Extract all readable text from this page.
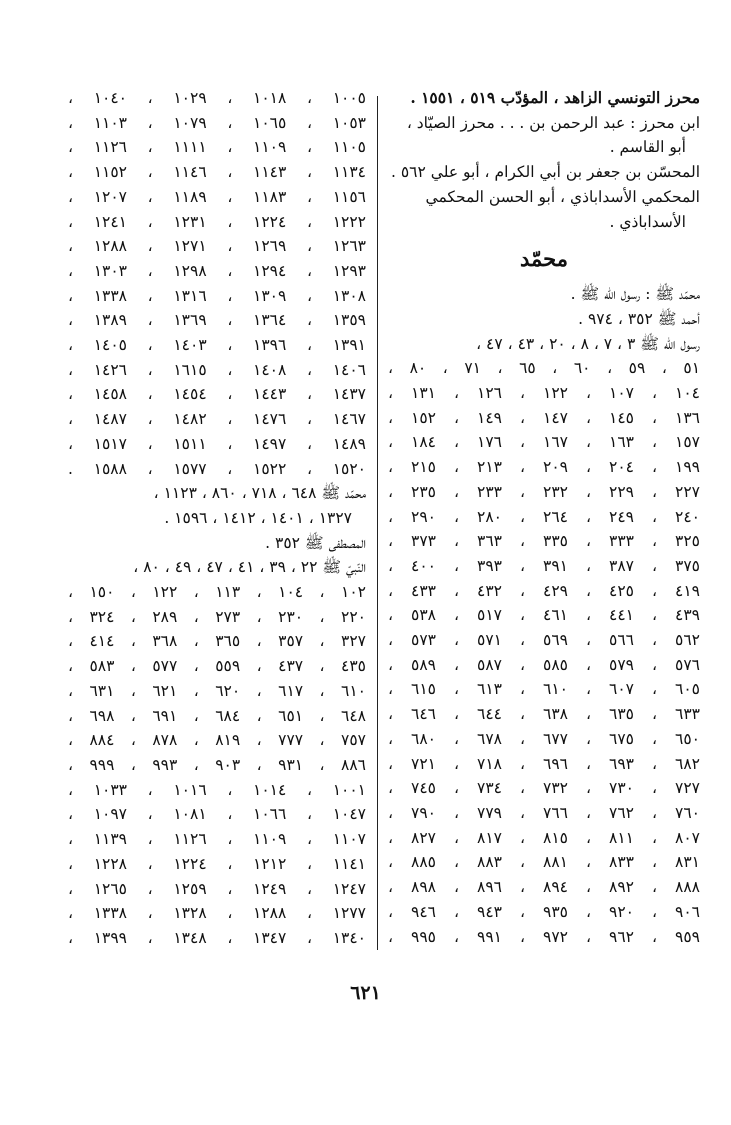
محرز التونسي الزاهد ، المؤدّب ٥١٩ ، ١٥٥١ .
ابن محرز : عبد الرحمن بن . . . محرز الصيّاد ،
أبو القاسم .
المحسّن بن جعفر بن أبي الكرام ، أبو علي ٥٦٢ .
المحكمي الأسداباذي ، أبو الحسن المحكمي
الأسداباذي .
محمّد
محمّد ﷺ : رسول الله ﷺ .
أحمد ﷺ ٣٥٢ ، ٩٧٤ .
رسول الله ﷺ ٣ ، ٧ ، ٨ ، ٢٠ ، ٤٣ ، ٤٧ ،
٥١ ، ٥٩ ، ٦٠ ، ٦٥ ، ٧١ ، ٨٠ ،
١٠٤ ، ١٠٧ ، ١٢٢ ، ١٢٦ ، ١٣١ ،
١٣٦ ، ١٤٥ ، ١٤٧ ، ١٤٩ ، ١٥٢ ،
١٥٧ ، ١٦٣ ، ١٦٧ ، ١٧٦ ، ١٨٤ ،
١٩٩ ، ٢٠٤ ، ٢٠٩ ، ٢١٣ ، ٢١٥ ،
٢٢٧ ، ٢٢٩ ، ٢٣٢ ، ٢٣٣ ، ٢٣٥ ،
٢٤٠ ، ٢٤٩ ، ٢٦٤ ، ٢٨٠ ، ٢٩٠ ،
٣٢٥ ، ٣٣٣ ، ٣٣٥ ، ٣٦٣ ، ٣٧٣ ،
٣٧٥ ، ٣٨٧ ، ٣٩١ ، ٣٩٣ ، ٤٠٠ ،
٤١٩ ، ٤٢٥ ، ٤٢٩ ، ٤٣٢ ، ٤٣٣ ،
٤٣٩ ، ٤٤١ ، ٤٦١ ، ٥١٧ ، ٥٣٨ ،
٥٦٢ ، ٥٦٦ ، ٥٦٩ ، ٥٧١ ، ٥٧٣ ،
٥٧٦ ، ٥٧٩ ، ٥٨٥ ، ٥٨٧ ، ٥٨٩ ،
٦٠٥ ، ٦٠٧ ، ٦١٠ ، ٦١٣ ، ٦١٥ ،
٦٣٣ ، ٦٣٥ ، ٦٣٨ ، ٦٤٤ ، ٦٤٦ ،
٦٥٠ ، ٦٧٥ ، ٦٧٧ ، ٦٧٨ ، ٦٨٠ ،
٦٨٢ ، ٦٩٣ ، ٦٩٦ ، ٧١٨ ، ٧٢١ ،
٧٢٧ ، ٧٣٠ ، ٧٣٢ ، ٧٣٤ ، ٧٤٥ ،
٧٦٠ ، ٧٦٢ ، ٧٦٦ ، ٧٧٩ ، ٧٩٠ ،
٨٠٧ ، ٨١١ ، ٨١٥ ، ٨١٧ ، ٨٢٧ ،
٨٣١ ، ٨٣٣ ، ٨٨١ ، ٨٨٣ ، ٨٨٥ ،
٨٨٨ ، ٨٩٢ ، ٨٩٤ ، ٨٩٦ ، ٨٩٨ ،
٩٠٦ ، ٩٢٠ ، ٩٣٥ ، ٩٤٣ ، ٩٤٦ ،
٩٥٩ ، ٩٦٢ ، ٩٧٢ ، ٩٩١ ، ٩٩٥ ،
١٠٠٥ ، ١٠١٨ ، ١٠٢٩ ، ١٠٤٠ ،
١٠٥٣ ، ١٠٦٥ ، ١٠٧٩ ، ١١٠٣ ،
١١٠٥ ، ١١٠٩ ، ١١١١ ، ١١٢٦ ،
١١٣٤ ، ١١٤٣ ، ١١٤٦ ، ١١٥٢ ،
١١٥٦ ، ١١٨٣ ، ١١٨٩ ، ١٢٠٧ ،
١٢٢٢ ، ١٢٢٤ ، ١٢٣١ ، ١٢٤١ ،
١٢٦٣ ، ١٢٦٩ ، ١٢٧١ ، ١٢٨٨ ،
١٢٩٣ ، ١٢٩٤ ، ١٢٩٨ ، ١٣٠٣ ،
١٣٠٨ ، ١٣٠٩ ، ١٣١٦ ، ١٣٣٨ ،
١٣٥٩ ، ١٣٦٤ ، ١٣٦٩ ، ١٣٨٩ ،
١٣٩١ ، ١٣٩٦ ، ١٤٠٣ ، ١٤٠٥ ،
١٤٠٦ ، ١٤٠٨ ، ١٦١٥ ، ١٤٢٦ ،
١٤٣٧ ، ١٤٤٣ ، ١٤٥٤ ، ١٤٥٨ ،
١٤٦٧ ، ١٤٧٦ ، ١٤٨٢ ، ١٤٨٧ ،
١٤٨٩ ، ١٤٩٧ ، ١٥١١ ، ١٥١٧ ،
١٥٢٠ ، ١٥٢٢ ، ١٥٧٧ ، ١٥٨٨ .
محمّد ﷺ ٦٤٨ ، ٧١٨ ، ٨٦٠ ، ١١٢٣ ،
١٣٢٧ ، ١٤٠١ ، ١٤١٢ ، ١٥٩٦ .
المصطفى ﷺ ٣٥٢ .
النّبيّ ﷺ ٢٢ ، ٣٩ ، ٤١ ، ٤٧ ، ٤٩ ، ٨٠ ،
١٠٢ ، ١٠٤ ، ١١٣ ، ١٢٢ ، ١٥٠ ،
٢٢٠ ، ٢٣٠ ، ٢٧٣ ، ٢٨٩ ، ٣٢٤ ،
٣٢٧ ، ٣٥٧ ، ٣٦٥ ، ٣٦٨ ، ٤١٤ ،
٤٣٥ ، ٤٣٧ ، ٥٥٩ ، ٥٧٧ ، ٥٨٣ ،
٦١٠ ، ٦١٧ ، ٦٢٠ ، ٦٢١ ، ٦٣١ ،
٦٤٨ ، ٦٥١ ، ٦٨٤ ، ٦٩١ ، ٦٩٨ ،
٧٥٧ ، ٧٧٧ ، ٨١٩ ، ٨٧٨ ، ٨٨٤ ،
٨٨٦ ، ٩٣١ ، ٩٠٣ ، ٩٩٣ ، ٩٩٩ ،
١٠٠١ ، ١٠١٤ ، ١٠١٦ ، ١٠٣٣ ،
١٠٤٧ ، ١٠٦٦ ، ١٠٨١ ، ١٠٩٧ ،
١١٠٧ ، ١١٠٩ ، ١١٢٦ ، ١١٣٩ ،
١١٤١ ، ١٢١٢ ، ١٢٢٤ ، ١٢٢٨ ،
١٢٤٧ ، ١٢٤٩ ، ١٢٥٩ ، ١٢٦٥ ،
١٢٧٧ ، ١٢٨٨ ، ١٣٢٨ ، ١٣٣٨ ،
١٣٤٠ ، ١٣٤٧ ، ١٣٤٨ ، ١٣٩٩ ،
٦٢١
